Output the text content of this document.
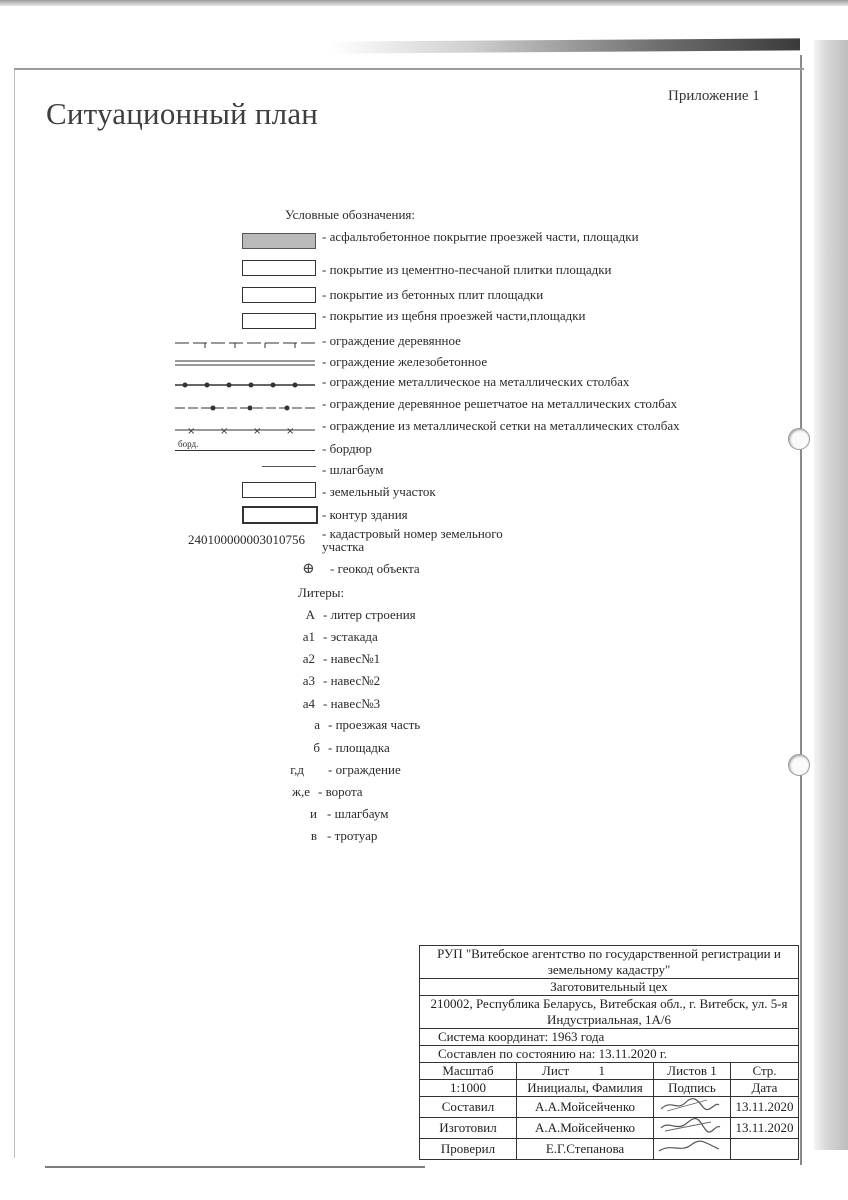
Ситуационный план	Приложение 1
Условные обозначения:
- асфальтобетонное покрытие проезжей части, площадки
- покрытие из цементно-песчаной плитки площадки
- покрытие из бетонных плит площадки
- покрытие из щебня проезжей части,площадки
- ограждение деревянное
- ограждение железобетонное
- ограждение металлическое на металлических столбах
- ограждение деревянное решетчатое на металлических столбах
× × × × - ограждение из металлической сетки на металлических столбах
борд.	- бордюр
- шлагбаум
- земельный участок
- контур здания
240100000003010756 - кадастровый номер земельного участка
⊕ - геокод объекта
Литеры:
А - литер строения
а1 - эстакада
а2 - навес№1
а3 - навес№2
а4 - навес№3
а - проезжая часть
б - площадка
г,д - ограждение
ж,е - ворота
и - шлагбаум
в - тротуар
РУП "Витебское агентство по государственной регистрации и земельному кадастру"			
Заготовительный цех			
210002, Республика Беларусь, Витебская обл., г. Витебск, ул. 5-я Индустриальная, 1А/6			
Система координат: 1963 года			
Составлен по состоянию на: 13.11.2020 г.			
Масштаб	Лист 1	Листов 1	Стр.
1:1000	Инициалы, Фамилия	Подпись	Дата
Составил	А.А.Мойсейченко		13.11.2020
Изготовил	А.А.Мойсейченко		13.11.2020
Проверил	Е.Г.Степанова		
